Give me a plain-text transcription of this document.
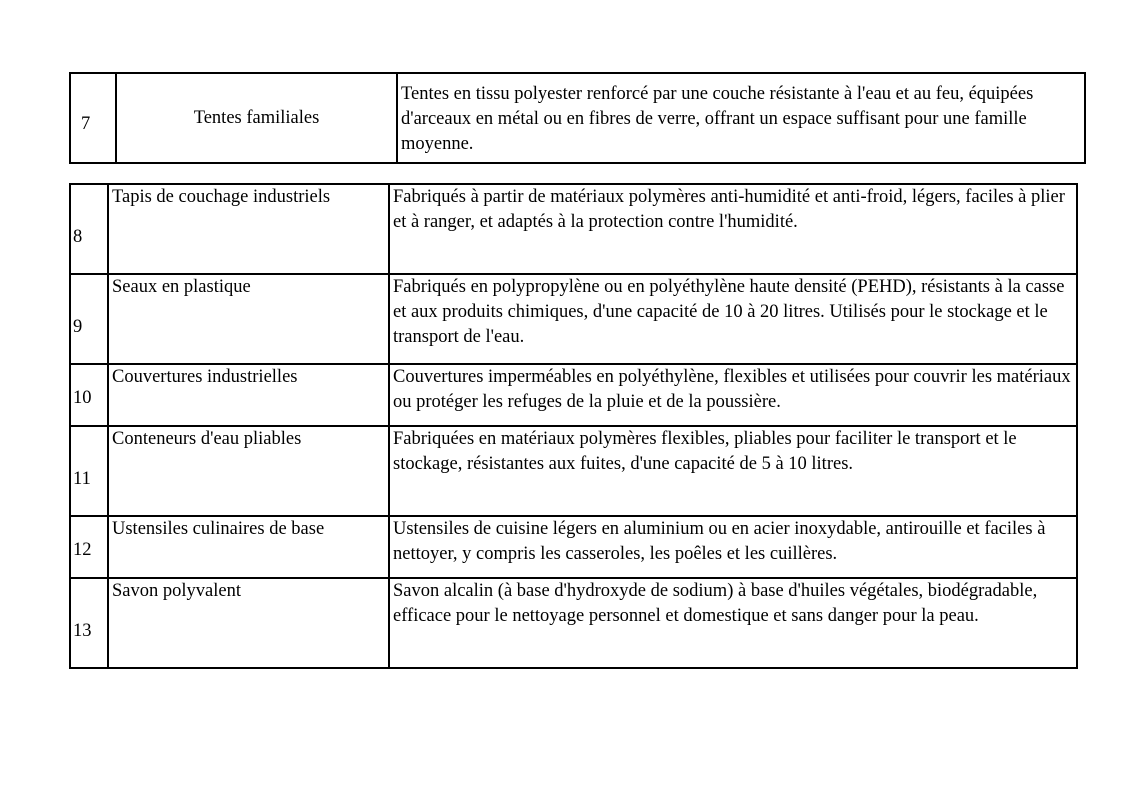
7	Tentes familiales	Tentes en tissu polyester renforcé par une couche résistante à l'eau et au feu, équipées d'arceaux en métal ou en fibres de verre, offrant un espace suffisant pour une famille moyenne.
8	Tapis de couchage industriels	Fabriqués à partir de matériaux polymères anti-humidité et anti-froid, légers, faciles à plier et à ranger, et adaptés à la protection contre l'humidité.
9	Seaux en plastique	Fabriqués en polypropylène ou en polyéthylène haute densité (PEHD), résistants à la casse et aux produits chimiques, d'une capacité de 10 à 20 litres. Utilisés pour le stockage et le transport de l'eau.
10	Couvertures industrielles	Couvertures imperméables en polyéthylène, flexibles et utilisées pour couvrir les matériaux ou protéger les refuges de la pluie et de la poussière.
11	Conteneurs d'eau pliables	Fabriquées en matériaux polymères flexibles, pliables pour faciliter le transport et le stockage, résistantes aux fuites, d'une capacité de 5 à 10 litres.
12	Ustensiles culinaires de base	Ustensiles de cuisine légers en aluminium ou en acier inoxydable, antirouille et faciles à nettoyer, y compris les casseroles, les poêles et les cuillères.
13	Savon polyvalent	Savon alcalin (à base d'hydroxyde de sodium) à base d'huiles végétales, biodégradable, efficace pour le nettoyage personnel et domestique et sans danger pour la peau.
